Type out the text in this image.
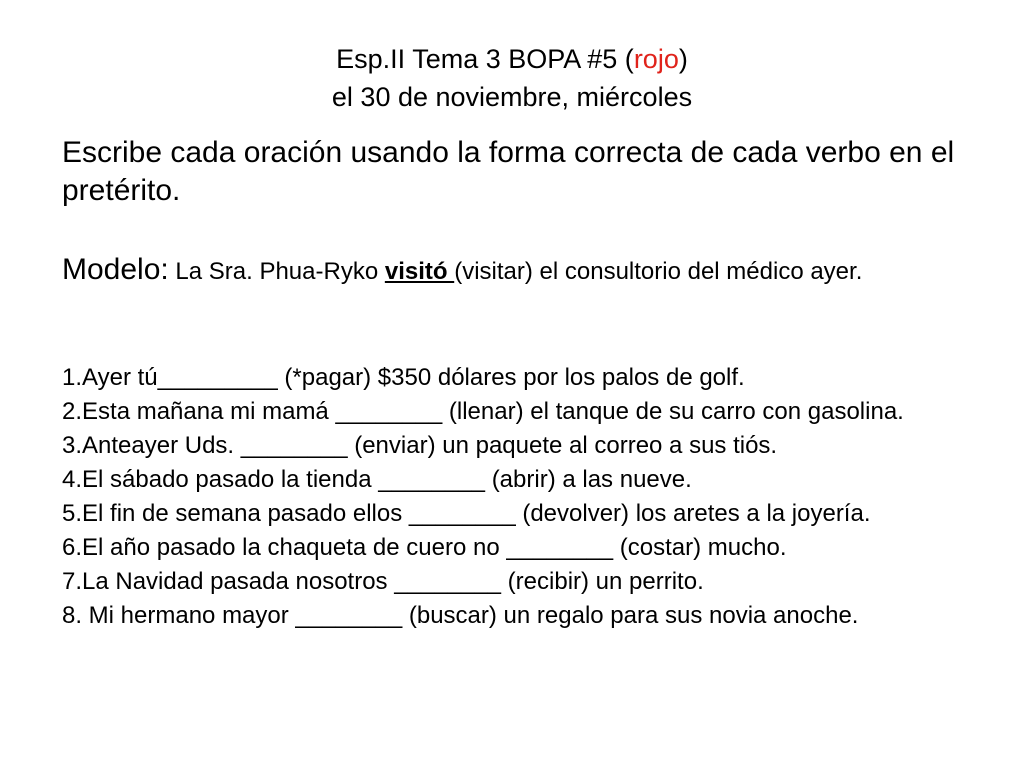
Esp.II Tema 3 BOPA #5 (rojo)
el 30 de noviembre, miércoles
Escribe cada oración usando la forma correcta de cada verbo en el pretérito.
Modelo: La Sra. Phua-Ryko visitó (visitar) el consultorio del médico ayer.
1.Ayer tú_________ (*pagar) $350 dólares por los palos de golf.
2.Esta mañana mi mamá ________ (llenar) el tanque de su carro con gasolina.
3.Anteayer Uds. ________ (enviar) un paquete al correo a sus tiós.
4.El sábado pasado la tienda ________ (abrir) a las nueve.
5.El fin de semana pasado ellos ________ (devolver) los aretes a la joyería.
6.El año pasado la chaqueta de cuero no ________ (costar) mucho.
7.La Navidad pasada nosotros ________ (recibir) un perrito.
8. Mi hermano mayor ________ (buscar) un regalo para sus novia anoche.
